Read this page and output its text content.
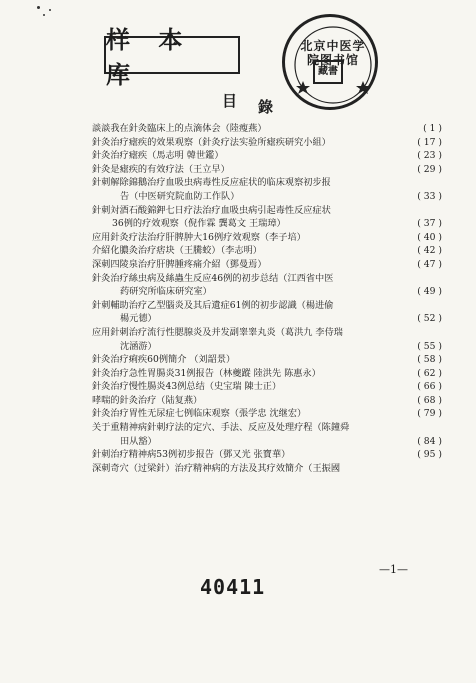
样 本 库
北京中医学院图书馆
藏書
目 錄
談談我在針灸臨床上的点滴体会（陸瘦燕）	( 1 )
針灸治疗瘧疾的效果观察（針灸疗法实验所瘧疾研究小組）	( 17 )
針灸治疗瘧疾（馬志明 韓世鑑）	( 23 )
針灸是瘧疾的有效疗法（王立早）	( 29 )
針刺解除錦鵝治疗血吸虫病毒性反应症状的临床观察初步报
告（中医研究院血防工作队）	( 33 )
針刺対酒石酸錦鉀七日疗法治疗血吸虫病引起毒性反应症状
36例的疗效观察（倪作霖 龔葛文 王瑞璋）	( 37 )
应用針灸疗法治疗肝脾肿大16例疗效观察（李子培）	( 40 )
介紹化膿灸治疗痞块（王騰蛟）（李志明）	( 42 )
深刺四陵泉治疗肝脾腫疼痛介紹（鄧曼焉）	( 47 )
針灸治疗絲虫病及絲蟲生反应46例的初步总结（江西省中医
药研究所临床研究室）	( 49 )
針刺輔助治疗乙型腦炎及其后遺症61例的初步認識（楊进偷
楊元德）	( 52 )
应用針刺治疗流行性腮腺炎及并发副睾睾丸炎（葛洪九 李侍瑞
沈涵游）	( 55 )
針灸治疗痢疾60例簡介 （刘韶景）	( 58 )
針灸治疗急性胃腸炎31例报告（林夔蹤 陸洪先 陈惠永）	( 62 )
針灸治疗慢性腸炎43例总结（史宝瑞 陳士正）	( 66 )
哮喘的針灸治疗（陆复燕）	( 68 )
針灸治疗胃性无尿症七例临床观察（張学忠 沈继宏）	( 79 )
关于重精神病針刺疗法的定穴、手法、反应及处理疗程（陈鐘舜
田从豁）	( 84 )
針刺治疗精神病53例初步报告（鄧又光 张寶華）	( 95 )
深刺奇穴（过梁針）治疗精神病的方法及其疗效簡介（王振國
40411
—1—
